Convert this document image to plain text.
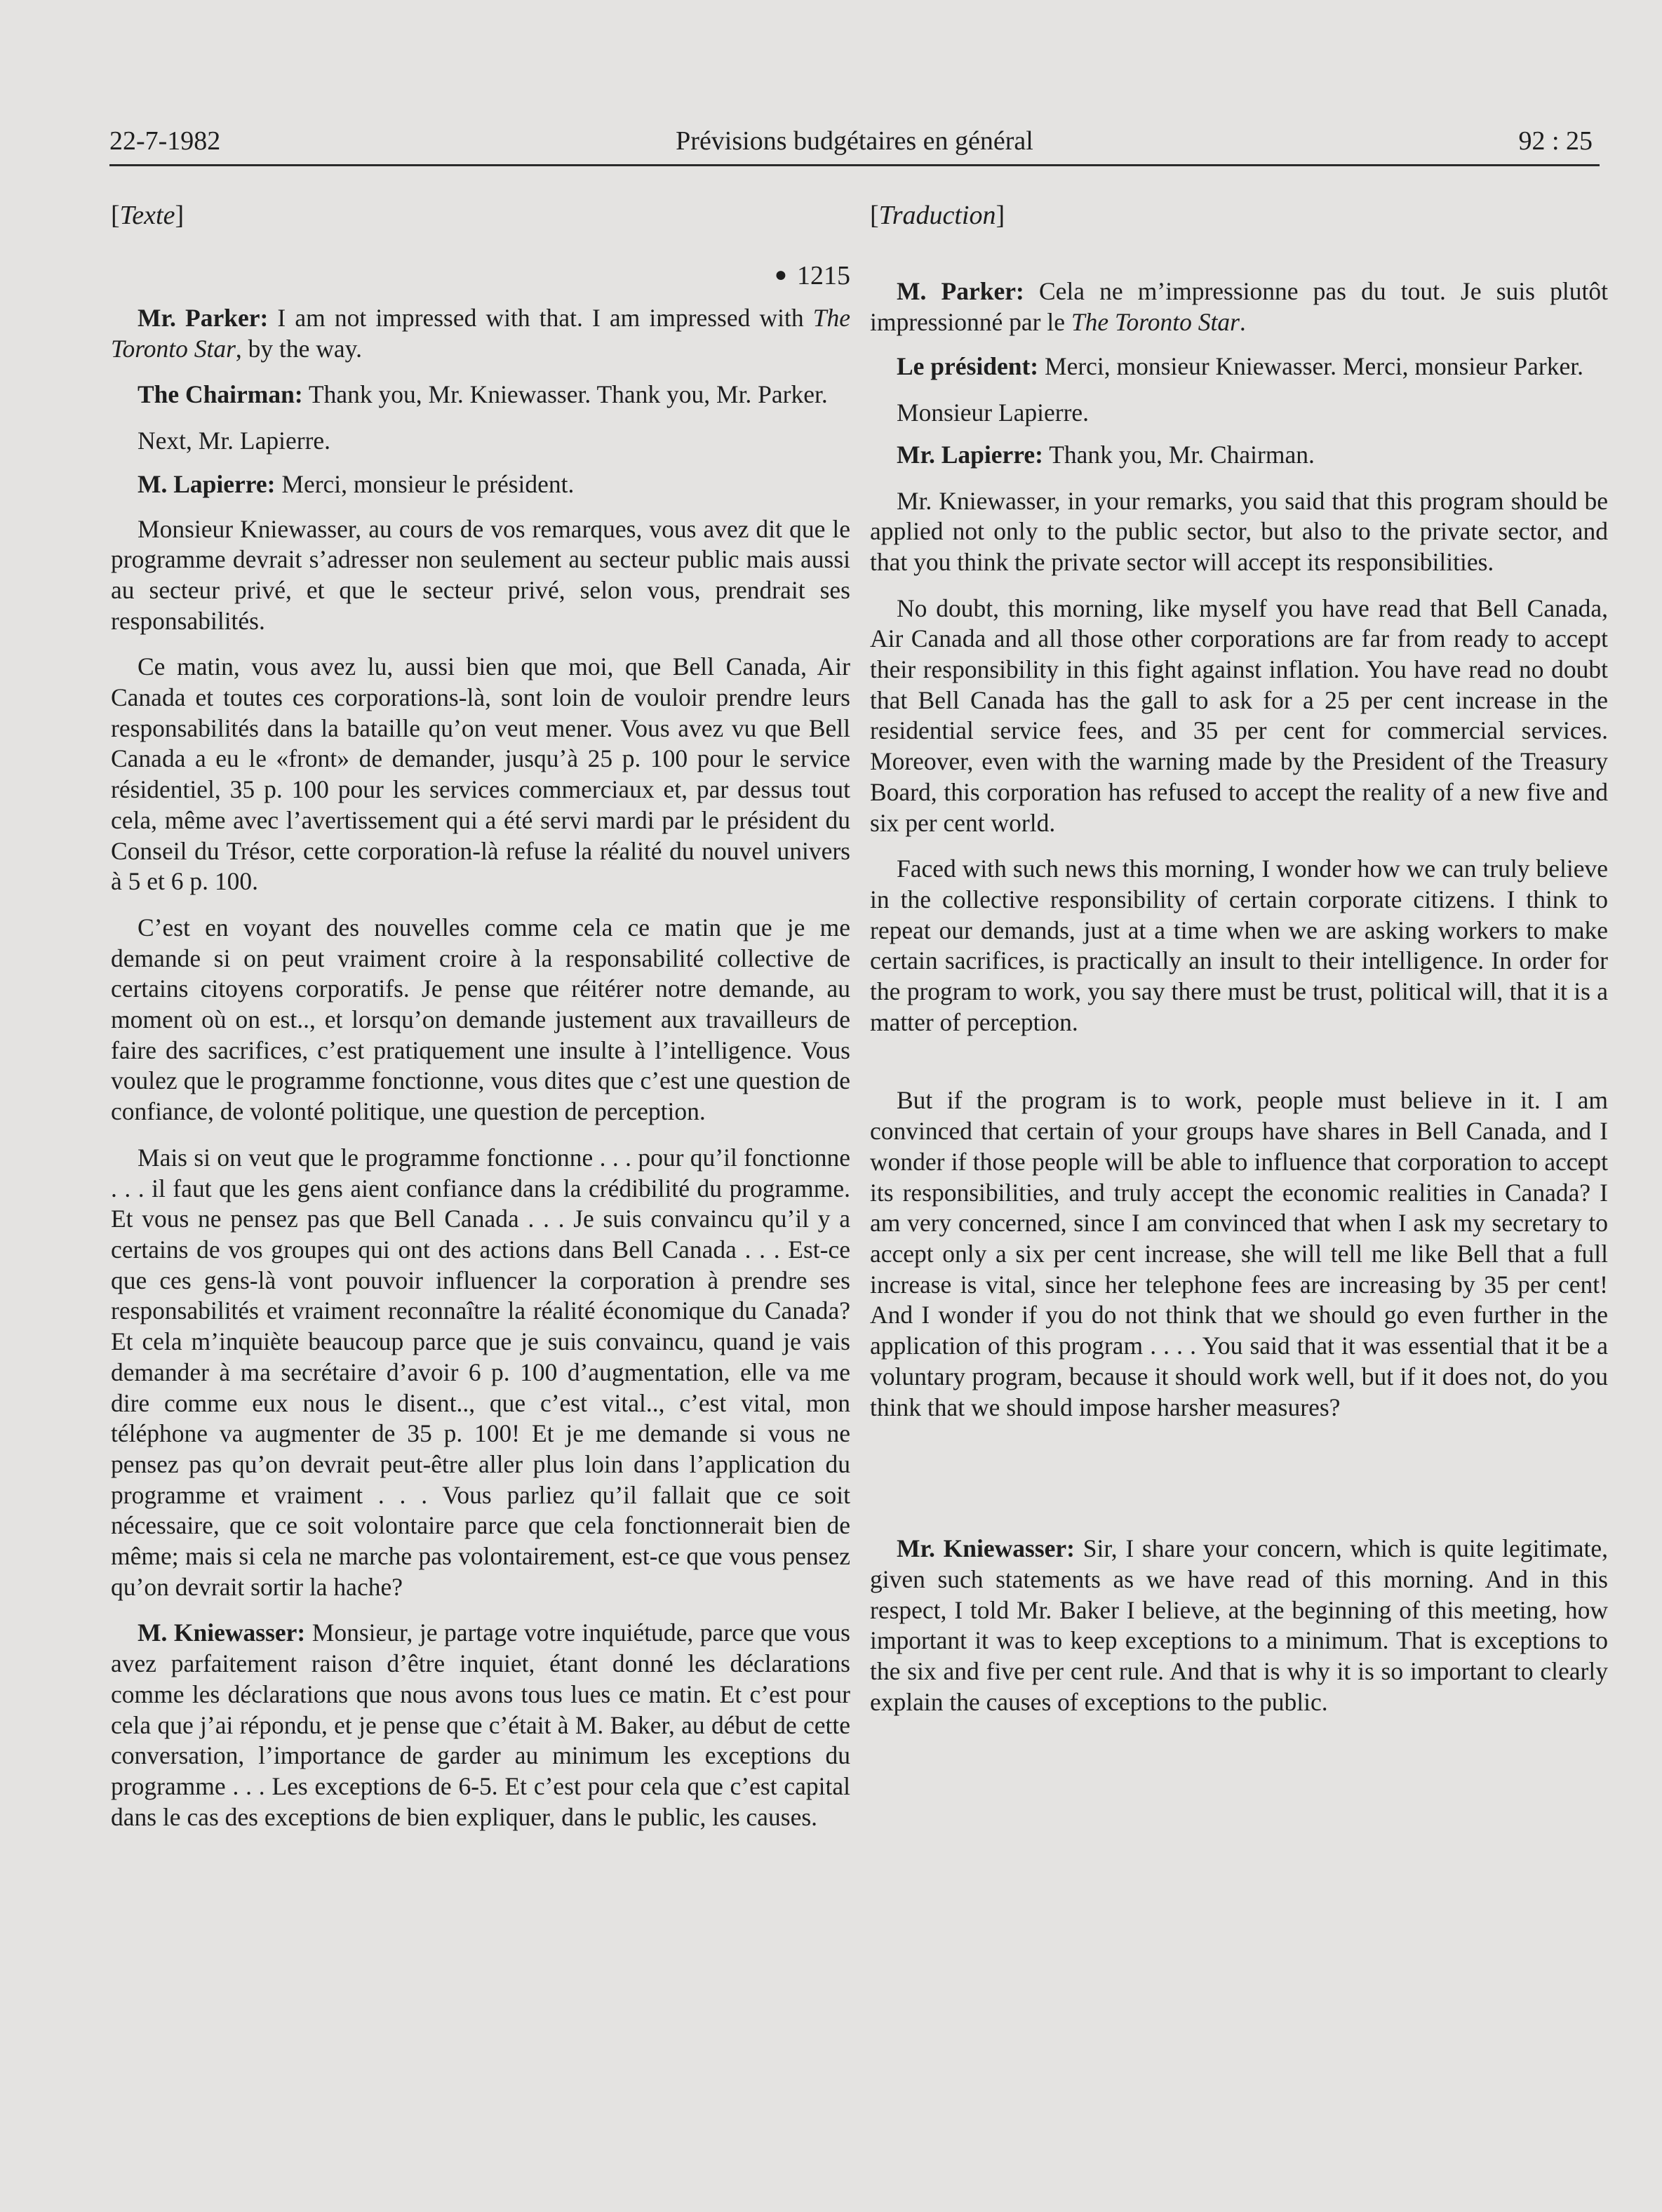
22-7-1982	Prévisions budgétaires en général	92 : 25

[Texte]

● 1215

Mr. Parker: I am not impressed with that. I am impressed with The Toronto Star, by the way.

The Chairman: Thank you, Mr. Kniewasser. Thank you, Mr. Parker.

Next, Mr. Lapierre.

M. Lapierre: Merci, monsieur le président.

Monsieur Kniewasser, au cours de vos remarques, vous avez dit que le programme devrait s’adresser non seulement au secteur public mais aussi au secteur privé, et que le secteur privé, selon vous, prendrait ses responsabilités.

Ce matin, vous avez lu, aussi bien que moi, que Bell Canada, Air Canada et toutes ces corporations-là, sont loin de vouloir prendre leurs responsabilités dans la bataille qu’on veut mener. Vous avez vu que Bell Canada a eu le «front» de demander, jusqu’à 25 p. 100 pour le service résidentiel, 35 p. 100 pour les services commerciaux et, par dessus tout cela, même avec l’avertissement qui a été servi mardi par le président du Conseil du Trésor, cette corporation-là refuse la réalité du nouvel univers à 5 et 6 p. 100.

C’est en voyant des nouvelles comme cela ce matin que je me demande si on peut vraiment croire à la responsabilité collective de certains citoyens corporatifs. Je pense que réitérer notre demande, au moment où on est.., et lorsqu’on demande justement aux travailleurs de faire des sacrifices, c’est pratiquement une insulte à l’intelligence. Vous voulez que le programme fonctionne, vous dites que c’est une question de confiance, de volonté politique, une question de perception.

Mais si on veut que le programme fonctionne . . . pour qu’il fonctionne . . . il faut que les gens aient confiance dans la crédibilité du programme. Et vous ne pensez pas que Bell Canada . . . Je suis convaincu qu’il y a certains de vos groupes qui ont des actions dans Bell Canada . . . Est-ce que ces gens-là vont pouvoir influencer la corporation à prendre ses responsabilités et vraiment reconnaître la réalité économique du Canada? Et cela m’inquiète beaucoup parce que je suis convaincu, quand je vais demander à ma secrétaire d’avoir 6 p. 100 d’augmentation, elle va me dire comme eux nous le disent.., que c’est vital.., c’est vital, mon téléphone va augmenter de 35 p. 100! Et je me demande si vous ne pensez pas qu’on devrait peut-être aller plus loin dans l’application du programme et vraiment . . . Vous parliez qu’il fallait que ce soit nécessaire, que ce soit volontaire parce que cela fonctionnerait bien de même; mais si cela ne marche pas volontairement, est-ce que vous pensez qu’on devrait sortir la hache?

M. Kniewasser: Monsieur, je partage votre inquiétude, parce que vous avez parfaitement raison d’être inquiet, étant donné les déclarations comme les déclarations que nous avons tous lues ce matin. Et c’est pour cela que j’ai répondu, et je pense que c’était à M. Baker, au début de cette conversation, l’importance de garder au minimum les exceptions du programme . . . Les exceptions de 6-5. Et c’est pour cela que c’est capital dans le cas des exceptions de bien expliquer, dans le public, les causes.

[Traduction]

M. Parker: Cela ne m’impressionne pas du tout. Je suis plutôt impressionné par le The Toronto Star.

Le président: Merci, monsieur Kniewasser. Merci, monsieur Parker.

Monsieur Lapierre.

Mr. Lapierre: Thank you, Mr. Chairman.

Mr. Kniewasser, in your remarks, you said that this program should be applied not only to the public sector, but also to the private sector, and that you think the private sector will accept its responsibilities.

No doubt, this morning, like myself you have read that Bell Canada, Air Canada and all those other corporations are far from ready to accept their responsibility in this fight against inflation. You have read no doubt that Bell Canada has the gall to ask for a 25 per cent increase in the residential service fees, and 35 per cent for commercial services. Moreover, even with the warning made by the President of the Treasury Board, this corporation has refused to accept the reality of a new five and six per cent world.

Faced with such news this morning, I wonder how we can truly believe in the collective responsibility of certain corporate citizens. I think to repeat our demands, just at a time when we are asking workers to make certain sacrifices, is practically an insult to their intelligence. In order for the program to work, you say there must be trust, political will, that it is a matter of perception.

But if the program is to work, people must believe in it. I am convinced that certain of your groups have shares in Bell Canada, and I wonder if those people will be able to influence that corporation to accept its responsibilities, and truly accept the economic realities in Canada? I am very concerned, since I am convinced that when I ask my secretary to accept only a six per cent increase, she will tell me like Bell that a full increase is vital, since her telephone fees are increasing by 35 per cent! And I wonder if you do not think that we should go even further in the application of this program . . . . You said that it was essential that it be a voluntary program, because it should work well, but if it does not, do you think that we should impose harsher measures?

Mr. Kniewasser: Sir, I share your concern, which is quite legitimate, given such statements as we have read of this morning. And in this respect, I told Mr. Baker I believe, at the beginning of this meeting, how important it was to keep exceptions to a minimum. That is exceptions to the six and five per cent rule. And that is why it is so important to clearly explain the causes of exceptions to the public.
